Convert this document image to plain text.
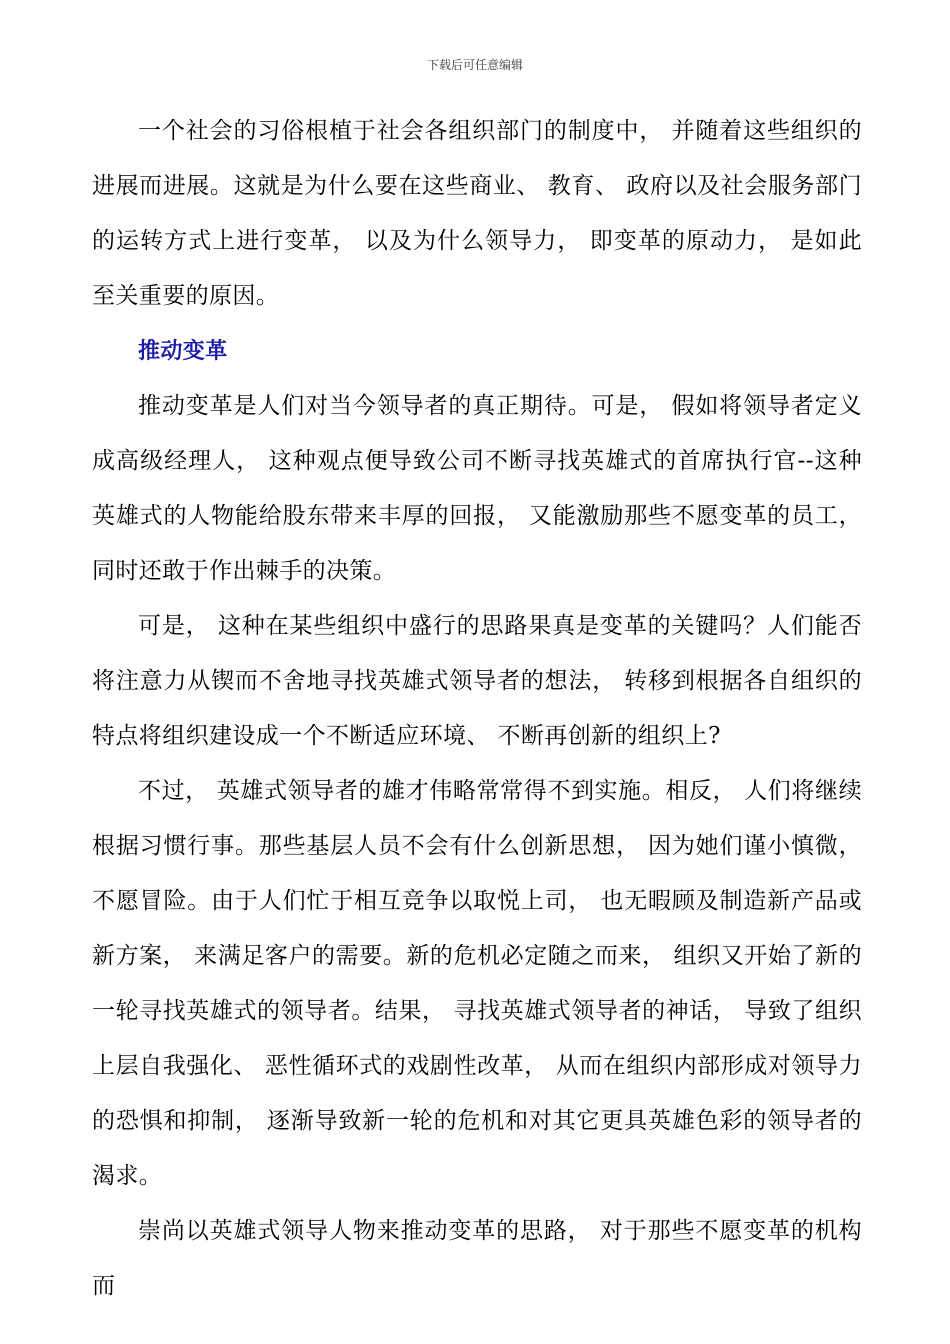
下载后可任意编辑

一个社会的习俗根植于社会各组织部门的制度中， 并随着这些组织的进展而进展。这就是为什么要在这些商业、 教育、 政府以及社会服务部门的运转方式上进行变革， 以及为什么领导力， 即变革的原动力， 是如此至关重要的原因。

推动变革

推动变革是人们对当今领导者的真正期待。可是， 假如将领导者定义成高级经理人， 这种观点便导致公司不断寻找英雄式的首席执行官--这种英雄式的人物能给股东带来丰厚的回报， 又能激励那些不愿变革的员工， 同时还敢于作出棘手的决策。

可是， 这种在某些组织中盛行的思路果真是变革的关键吗？人们能否将注意力从锲而不舍地寻找英雄式领导者的想法， 转移到根据各自组织的特点将组织建设成一个不断适应环境、 不断再创新的组织上?

不过， 英雄式领导者的雄才伟略常常得不到实施。相反， 人们将继续根据习惯行事。那些基层人员不会有什么创新思想， 因为她们谨小慎微， 不愿冒险。由于人们忙于相互竞争以取悦上司， 也无暇顾及制造新产品或新方案， 来满足客户的需要。新的危机必定随之而来， 组织又开始了新的一轮寻找英雄式的领导者。结果， 寻找英雄式领导者的神话， 导致了组织上层自我强化、 恶性循环式的戏剧性改革， 从而在组织内部形成对领导力的恐惧和抑制， 逐渐导致新一轮的危机和对其它更具英雄色彩的领导者的渴求。

崇尚以英雄式领导人物来推动变革的思路， 对于那些不愿变革的机构而
